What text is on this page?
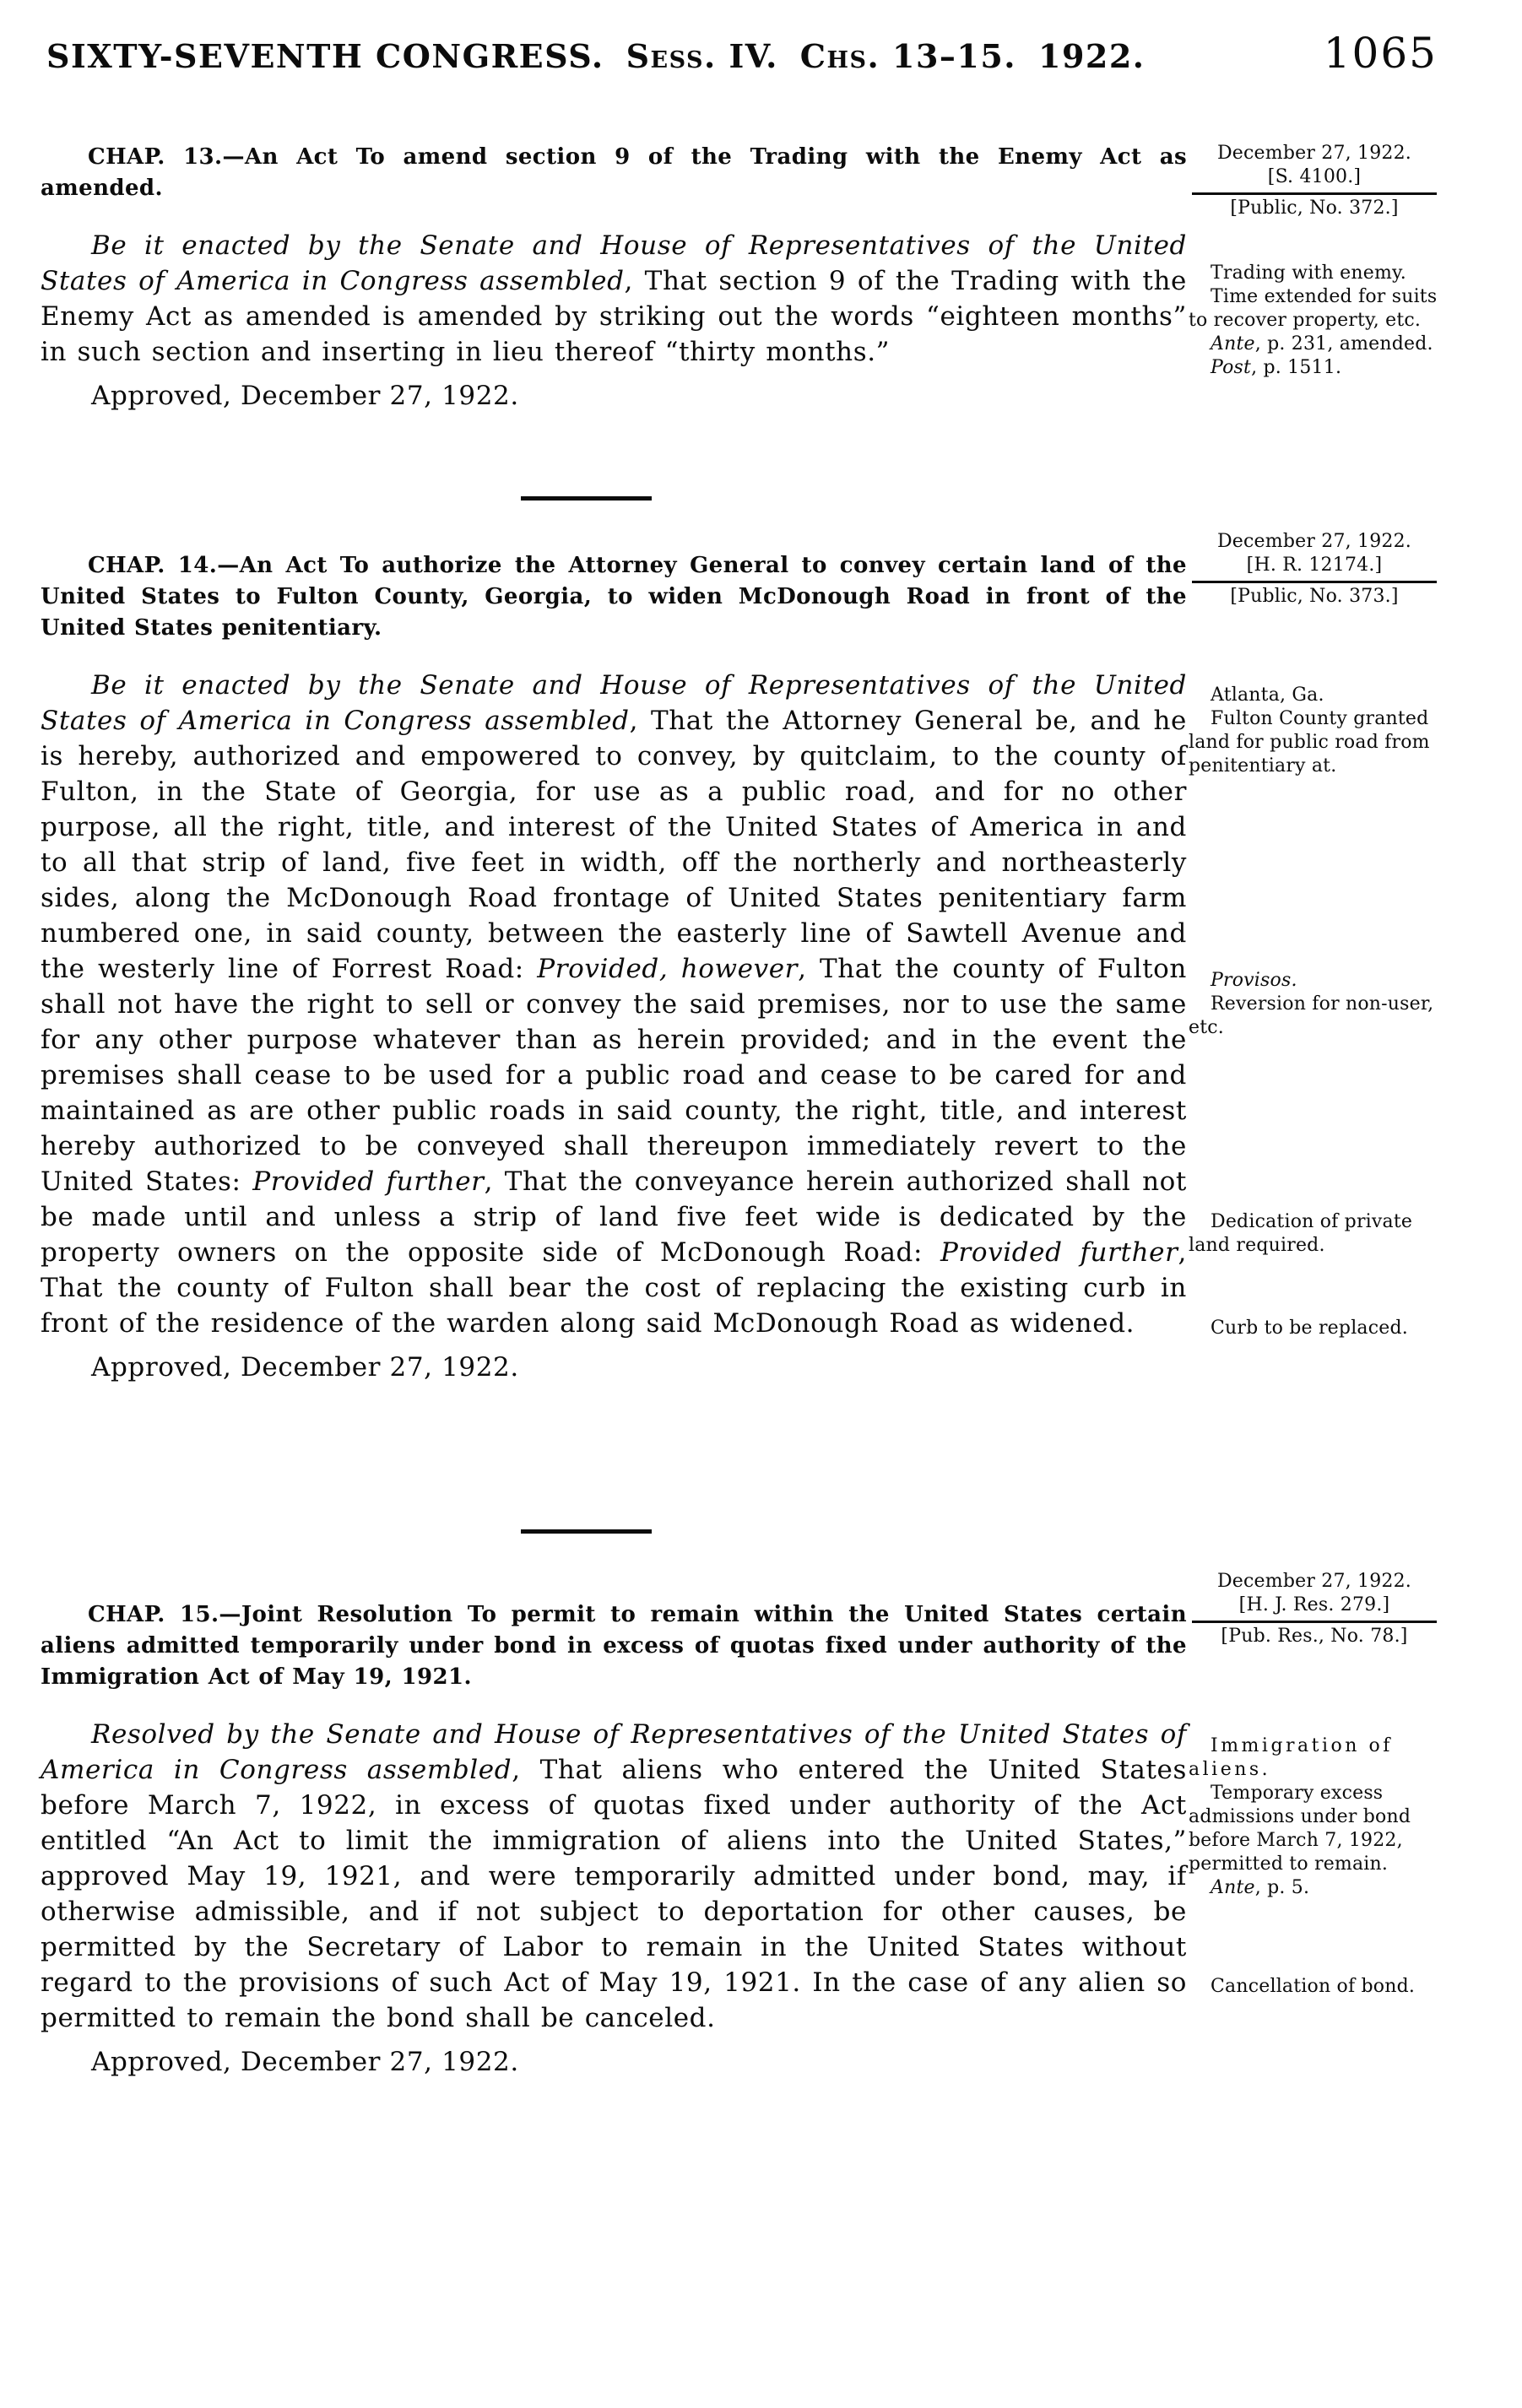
SIXTY-SEVENTH CONGRESS. Sess. IV. Chs. 13–15. 1922.	1065

CHAP. 13.—An Act To amend section 9 of the Trading with the Enemy Act as amended.

Be it enacted by the Senate and House of Representatives of the United States of America in Congress assembled, That section 9 of the Trading with the Enemy Act as amended is amended by striking out the words “eighteen months” in such section and inserting in lieu thereof “thirty months.”

Approved, December 27, 1922.

December 27, 1922.

[S. 4100.]

[Public, No. 372.]

Trading with enemy.

Time extended for suits to recover property, etc.

Ante, p. 231, amended.

Post, p. 1511.

CHAP. 14.—An Act To authorize the Attorney General to convey certain land of the United States to Fulton County, Georgia, to widen McDonough Road in front of the United States penitentiary.

Be it enacted by the Senate and House of Representatives of the United States of America in Congress assembled, That the Attorney General be, and he is hereby, authorized and empowered to convey, by quitclaim, to the county of Fulton, in the State of Georgia, for use as a public road, and for no other purpose, all the right, title, and interest of the United States of America in and to all that strip of land, five feet in width, off the northerly and northeasterly sides, along the McDonough Road frontage of United States penitentiary farm numbered one, in said county, between the easterly line of Sawtell Avenue and the westerly line of Forrest Road: Provided, however, That the county of Fulton shall not have the right to sell or convey the said premises, nor to use the same for any other purpose whatever than as herein provided; and in the event the premises shall cease to be used for a public road and cease to be cared for and maintained as are other public roads in said county, the right, title, and interest hereby authorized to be conveyed shall thereupon immediately revert to the United States: Provided further, That the conveyance herein authorized shall not be made until and unless a strip of land five feet wide is dedicated by the property owners on the opposite side of McDonough Road: Provided further, That the county of Fulton shall bear the cost of replacing the existing curb in front of the residence of the warden along said McDonough Road as widened.

Approved, December 27, 1922.

December 27, 1922.

[H. R. 12174.]

[Public, No. 373.]

Atlanta, Ga.

Fulton County granted land for public road from penitentiary at.

Provisos.

Reversion for non-user, etc.

Dedication of private land required.

Curb to be replaced.

CHAP. 15.—Joint Resolution To permit to remain within the United States certain aliens admitted temporarily under bond in excess of quotas fixed under authority of the Immigration Act of May 19, 1921.

Resolved by the Senate and House of Representatives of the United States of America in Congress assembled, That aliens who entered the United States before March 7, 1922, in excess of quotas fixed under authority of the Act entitled “An Act to limit the immigration of aliens into the United States,” approved May 19, 1921, and were temporarily admitted under bond, may, if otherwise admissible, and if not subject to deportation for other causes, be permitted by the Secretary of Labor to remain in the United States without regard to the provisions of such Act of May 19, 1921. In the case of any alien so permitted to remain the bond shall be canceled.

Approved, December 27, 1922.

December 27, 1922.

[H. J. Res. 279.]

[Pub. Res., No. 78.]

Immigration of aliens.

Temporary excess admissions under bond before March 7, 1922, permitted to remain.

Ante, p. 5.

Cancellation of bond.
